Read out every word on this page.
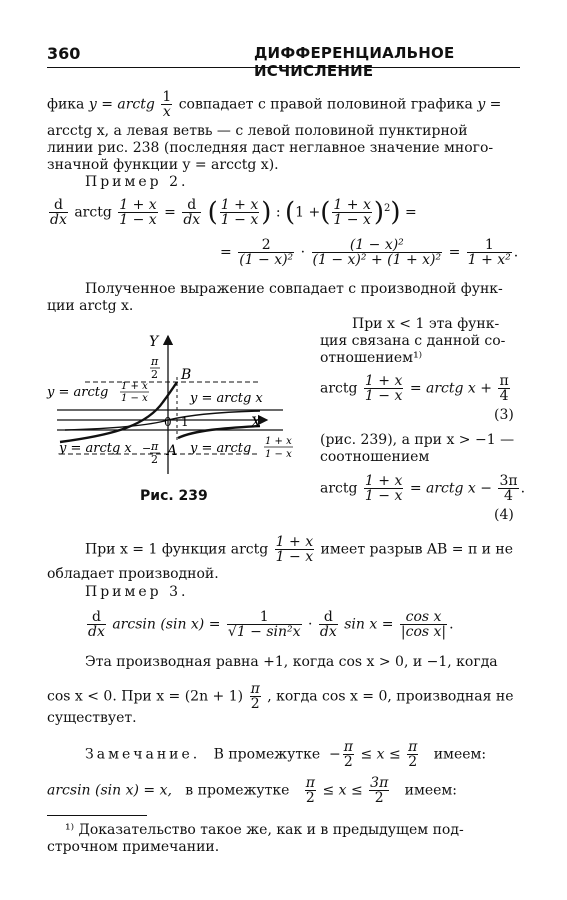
360	ДИФФЕРЕНЦИАЛЬНОЕ ИСЧИСЛЕНИЕ
фика y = arctg $\frac{1}{x}$ совпадает с правой половиной графика y =
arcctg x, а левая ветвь — с левой половиной пунктирной
линии рис. 238 (последняя даст неглавное значение много-
значной функции y = arcctg x).
Пример 2.
$\frac{d}{dx}$ arctg $\frac{1 + x}{1 - x} = \frac{d}{dx}$ ( $\frac{1 + x}{1 - x}$ ) : (1 +( $\frac{1 + x}{1 - x} )^2$) =
= $\frac{2}{\text{(1 − x)²}} \cdot \frac{\text{(1 − x)²}}{\text{(1 − x)² + (1 + x)²}} = \frac{1}{\text{1 + x²}}$ .
Полученное выражение совпадает с производной функ-
ции arctg x.
При x < 1 эта функ-
ция связана с данной со-
отношением¹⁾
arctg $\frac{1 + x}{1 - x}$ = arctg $x + \frac{\pi}{4}$
(3)
(рис. 239), а при x > −1 —
соотношением
arctg $\frac{1 + x}{1 - x}$ = arctg $x - \frac{3\pi}{4}$ .
(4)
Y
X
B
A
0 1
π
2
− π
2
y = arctg 1 + x
1 − x	y = arctg x
y = arctg x	y = arctg 1 + x
1 − x
Рис. 239
При x = 1 функция arctg $\frac{1 + x}{1 - x}$ имеет разрыв AB = π и не
обладает производной.
Пример 3.
$\frac{d}{dx}$ arcsin (sin $x) = \frac{1}{\text{√1 − sin²x}} \cdot \frac{d}{dx}$ $\sin x = \frac{\text{cos x}}{\text{|cos x|}}$ .
Эта производная равна +1, когда cos x > 0, и −1, когда
cos x < 0. При $x = (2n + 1) \frac{\pi}{2}$ , когда cos x = 0, производная не
существует.
Замечание. В промежутке − $\frac{\pi}{2} \le x \le \frac{\pi}{2}$ имеем:
arcsin (sin x) = x, в промежутке $\frac{\pi}{2} \le x \le \frac{3\pi}{2}$ имеем:
¹⁾ Доказательство такое же, как и в предыдущем под-
строчном примечании.
